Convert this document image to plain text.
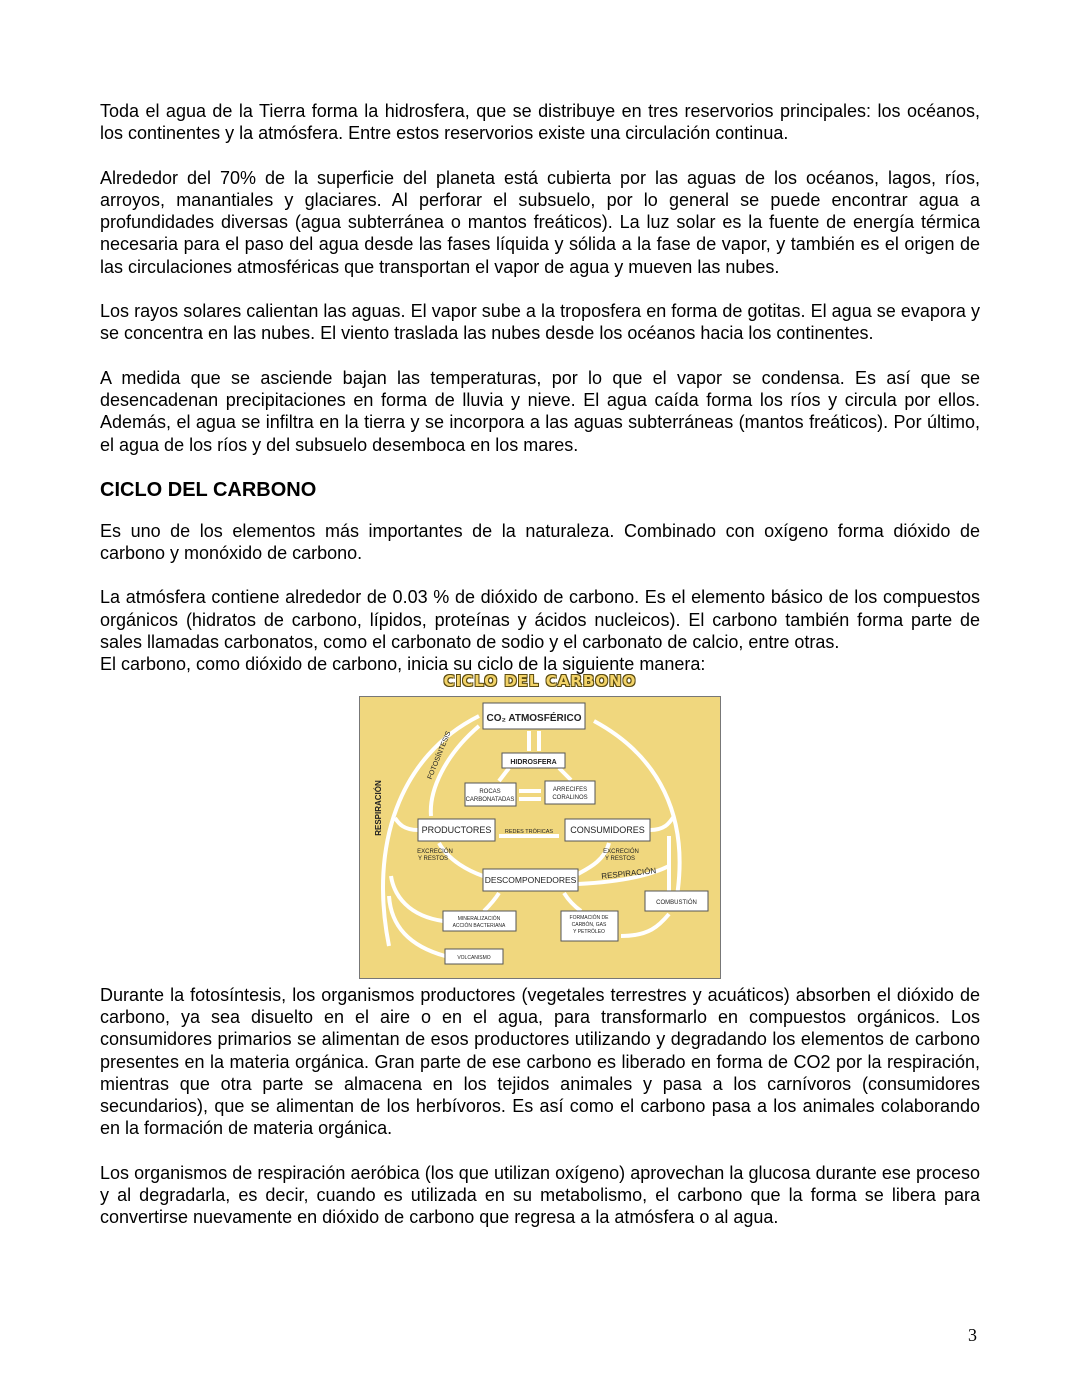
Toda el agua de la Tierra forma la hidrosfera, que se distribuye en tres reservorios principales: los océanos, los continentes y la atmósfera. Entre estos reservorios existe una circulación continua.

Alrededor del 70% de la superficie del planeta está cubierta por las aguas de los océanos, lagos, ríos, arroyos, manantiales y glaciares. Al perforar el subsuelo, por lo general se puede encontrar agua a profundidades diversas (agua subterránea o mantos freáticos). La luz solar es la fuente de energía térmica necesaria para el paso del agua desde las fases líquida y sólida a la fase de vapor, y también es el origen de las circulaciones atmosféricas que transportan el vapor de agua y mueven las nubes.

Los rayos solares calientan las aguas. El vapor sube a la troposfera en forma de gotitas. El agua se evapora y se concentra en las nubes. El viento traslada las nubes desde los océanos hacia los continentes.

A medida que se asciende bajan las temperaturas, por lo que el vapor se condensa. Es así que se desencadenan precipitaciones en forma de lluvia y nieve. El agua caída forma los ríos y circula por ellos. Además, el agua se infiltra en la tierra y se incorpora a las aguas subterráneas (mantos freáticos). Por último, el agua de los ríos y del subsuelo desemboca en los mares.

CICLO DEL CARBONO

Es uno de los elementos más importantes de la naturaleza. Combinado con oxígeno forma dióxido de carbono y monóxido de carbono.

La atmósfera contiene alrededor de 0.03 % de dióxido de carbono. Es el elemento básico de los compuestos orgánicos (hidratos de carbono, lípidos, proteínas y ácidos nucleicos). El carbono también forma parte de sales llamadas carbonatos, como el carbonato de sodio y el carbonato de calcio, entre otras.

El carbono, como dióxido de carbono, inicia su ciclo de la siguiente manera:

CICLO DEL CARBONO
CO₂ ATMOSFÉRICO
HIDROSFERA
ROCAS
CARBONATADAS
ARRECIFES
CORALINOS
PRODUCTORES REDES TRÓFICAS CONSUMIDORES
EXCRECIÓN
Y RESTOS
EXCRECIÓN
Y RESTOS
DESCOMPONEDORES	RESPIRACIÓN
RESPIRACIÓN
FOTOSÍNTESIS
COMBUSTIÓN
MINERALIZACIÓN
ACCIÓN BACTERIANA
FORMACIÓN DE
CARBÓN, GAS
Y PETRÓLEO
VOLCANISMO

Durante la fotosíntesis, los organismos productores (vegetales terrestres y acuáticos) absorben el dióxido de carbono, ya sea disuelto en el aire o en el agua, para transformarlo en compuestos orgánicos. Los consumidores primarios se alimentan de esos productores utilizando y degradando los elementos de carbono presentes en la materia orgánica. Gran parte de ese carbono es liberado en forma de CO2 por la respiración, mientras que otra parte se almacena en los tejidos animales y pasa a los carnívoros (consumidores secundarios), que se alimentan de los herbívoros. Es así como el carbono pasa a los animales colaborando en la formación de materia orgánica.

Los organismos de respiración aeróbica (los que utilizan oxígeno) aprovechan la glucosa durante ese proceso y al degradarla, es decir, cuando es utilizada en su metabolismo, el carbono que la forma se libera para convertirse nuevamente en dióxido de carbono que regresa a la atmósfera o al agua.

3
